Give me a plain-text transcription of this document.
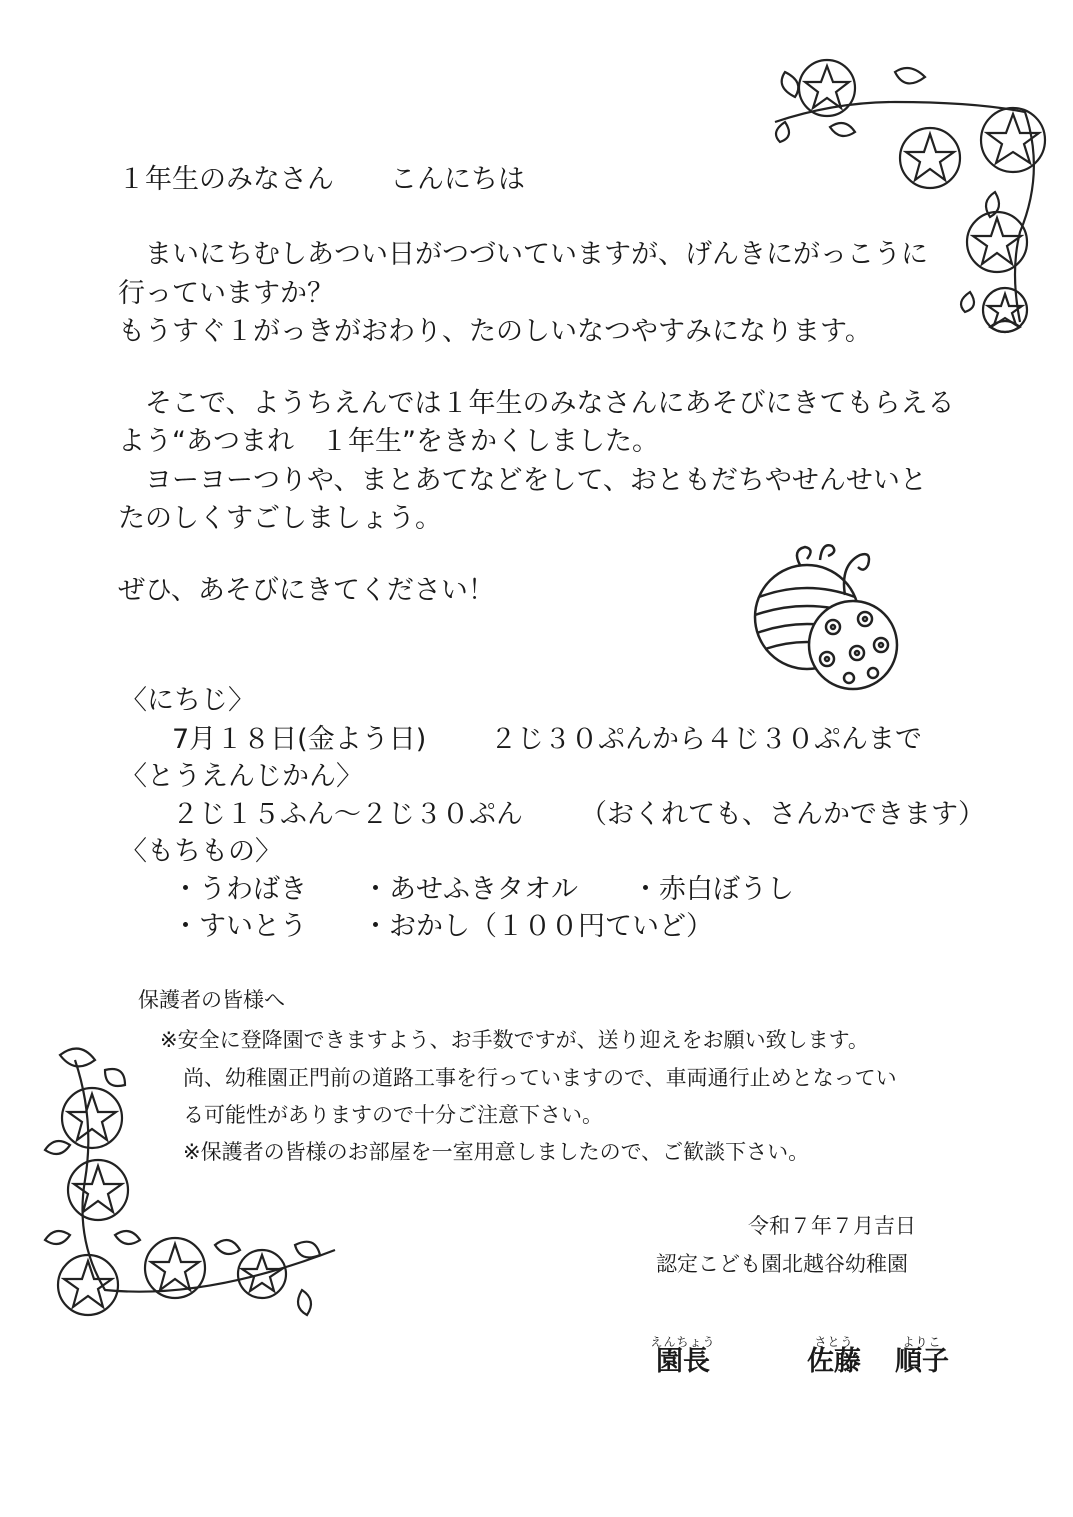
１年生のみなさん こんにちは
まいにちむしあつい日がつづいていますが、げんきにがっこうに
行っていますか？
もうすぐ１がっきがおわり、たのしいなつやすみになります。
そこで、ようちえんでは１年生のみなさんにあそびにきてもらえる
よう“あつまれ　１年生”をきかくしました。
ヨーヨーつりや、まとあてなどをして、おともだちやせんせいと
たのしくすごしましょう。
ぜひ、あそびにきてください！
〈にちじ〉
7月１８日(金よう日) ２じ３０ぷんから４じ３０ぷんまで
〈とうえんじかん〉
２じ１５ふん～２じ３０ぷん （おくれても、さんかできます）
〈もちもの〉
・うわばき ・あせふきタオル ・赤白ぼうし
・すいとう ・おかし（１００円ていど）
保護者の皆様へ
※安全に登降園できますよう、お手数ですが、送り迎えをお願い致します。
尚、幼稚園正門前の道路工事を行っていますので、車両通行止めとなってい
る可能性がありますので十分ご注意下さい。
※保護者の皆様のお部屋を一室用意しましたので、ご歓談下さい。
令和７年７月吉日
認定こども園北越谷幼稚園
えんちょう
園長
さとう
佐藤
よりこ
順子
